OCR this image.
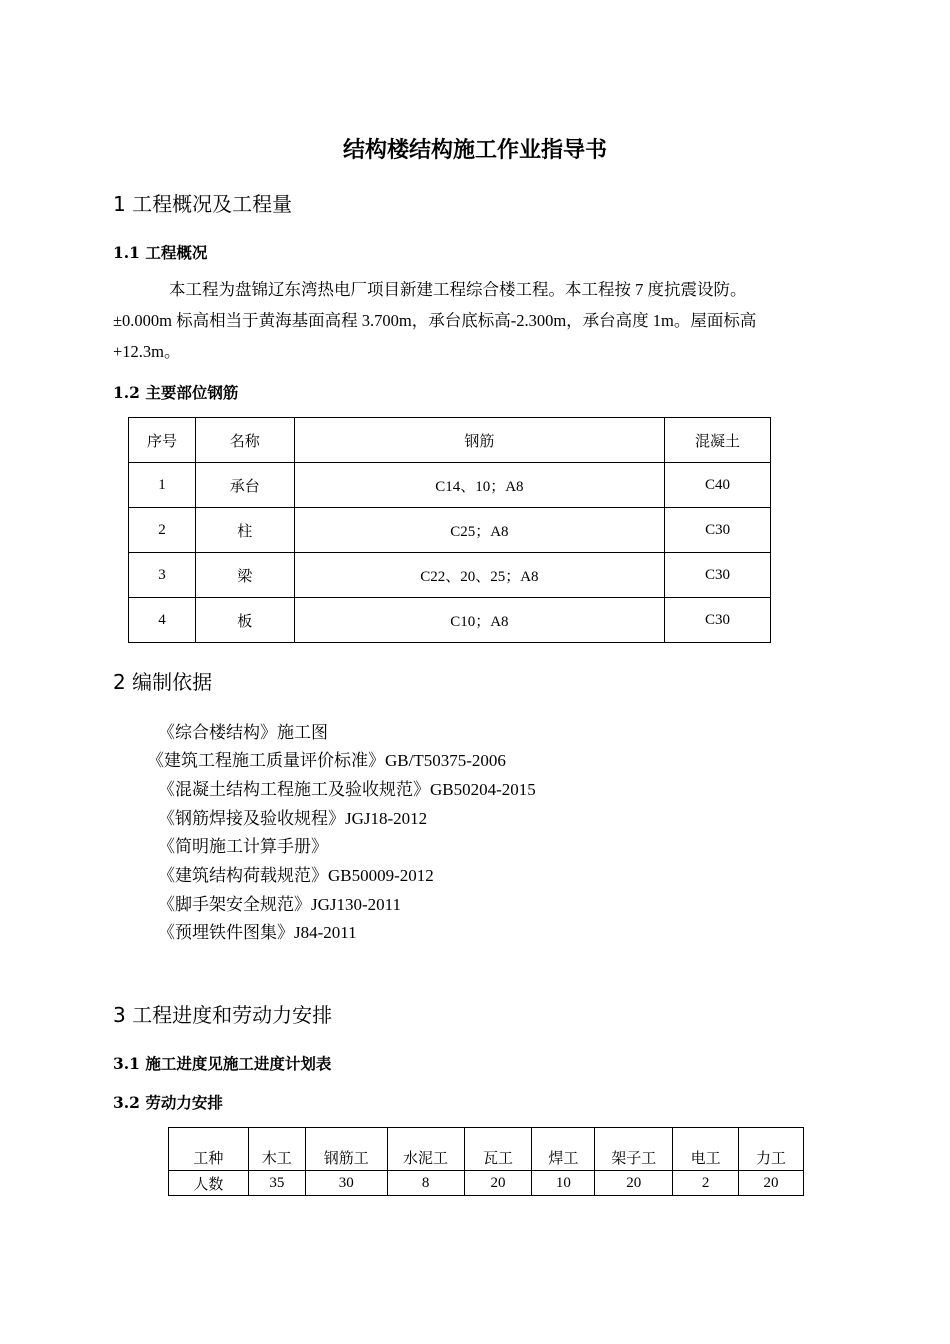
结构楼结构施工作业指导书
1 工程概况及工程量
1.1 工程概况
本工程为盘锦辽东湾热电厂项目新建工程综合楼工程。本工程按 7 度抗震设防。
±0.000m 标高相当于黄海基面高程 3.700m，承台底标高-2.300m，承台高度 1m。屋面标高
+12.3m。
1.2 主要部位钢筋
序号	名称	钢筋	混凝土
1	承台	C14、10；A8	C40
2	柱	C25；A8	C30
3	梁	C22、20、25；A8	C30
4	板	C10；A8	C30
2 编制依据
《综合楼结构》施工图
《建筑工程施工质量评价标准》GB/T50375-2006
《混凝土结构工程施工及验收规范》GB50204-2015
《钢筋焊接及验收规程》JGJ18-2012
《简明施工计算手册》
《建筑结构荷载规范》GB50009-2012
《脚手架安全规范》JGJ130-2011
《预埋铁件图集》J84-2011
3 工程进度和劳动力安排
3.1 施工进度见施工进度计划表
3.2 劳动力安排
工种	木工	钢筋工	水泥工	瓦工	焊工	架子工	电工	力工
人数	35	30	8	20	10	20	2	20
